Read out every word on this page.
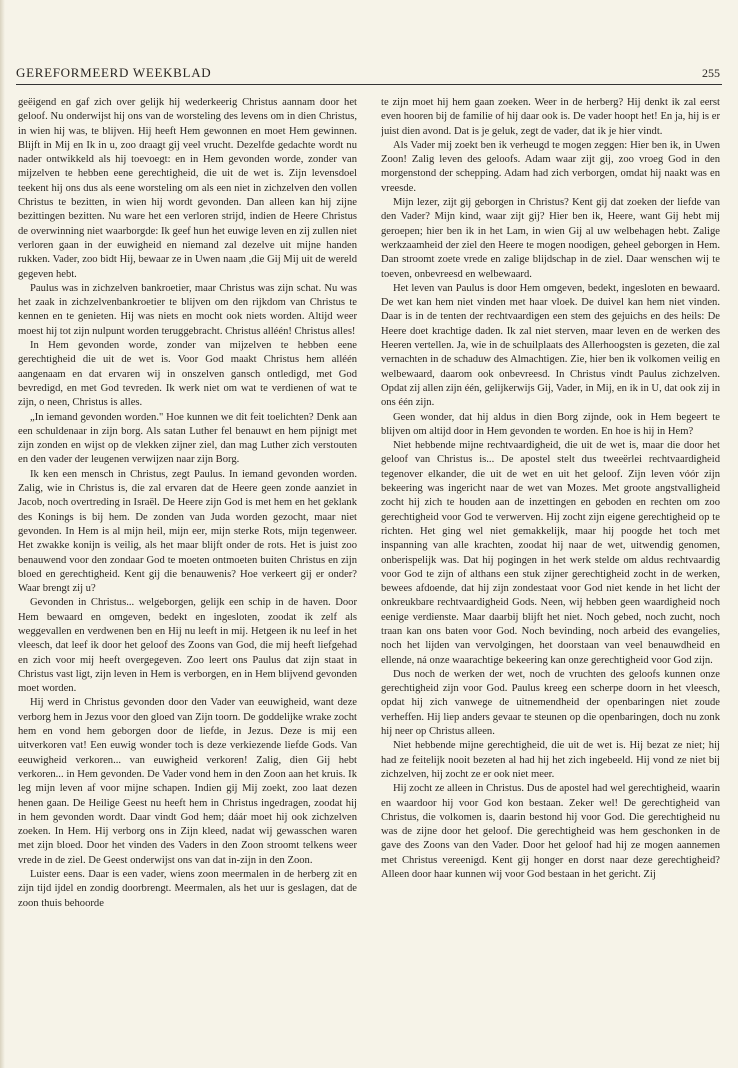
GEREFORMEERD WEEKBLAD	255

geëigend en gaf zich over gelijk hij wederkeerig Christus aannam door het geloof. Nu onderwijst hij ons van de worsteling des levens om in dien Christus, in wien hij was, te blijven. Hij heeft Hem gewonnen en moet Hem gewinnen. Blijft in Mij en Ik in u, zoo draagt gij veel vrucht. Dezelfde gedachte wordt nu nader ontwikkeld als hij toevoegt: en in Hem gevonden worde, zonder van mijzelven te hebben eene gerechtigheid, die uit de wet is. Zijn levensdoel teekent hij ons dus als eene worsteling om als een niet in zichzelven den vollen Christus te bezitten, in wien hij wordt gevonden. Dan alleen kan hij zijne bezittingen bezitten. Nu ware het een verloren strijd, indien de Heere Christus de overwinning niet waarborgde: Ik geef hun het euwige leven en zij zullen niet verloren gaan in der euwigheid en niemand zal dezelve uit mijne handen rukken. Vader, zoo bidt Hij, bewaar ze in Uwen naam ,die Gij Mij uit de wereld gegeven hebt.

Paulus was in zichzelven bankroetier, maar Christus was zijn schat. Nu was het zaak in zichzelvenbankroetier te blijven om den rijkdom van Christus te kennen en te genieten. Hij was niets en mocht ook niets worden. Altijd weer moest hij tot zijn nulpunt worden teruggebracht. Christus alléén! Christus alles!

In Hem gevonden worde, zonder van mijzelven te hebben eene gerechtigheid die uit de wet is. Voor God maakt Christus hem alléén aangenaam en dat ervaren wij in onszelven gansch ontledigd, met God bevredigd, en met God tevreden. Ik werk niet om wat te verdienen of wat te zijn, o neen, Christus is alles.

„In iemand gevonden worden." Hoe kunnen we dit feit toelichten? Denk aan een schuldenaar in zijn borg. Als satan Luther fel benauwt en hem pijnigt met zijn zonden en wijst op de vlekken zijner ziel, dan mag Luther zich verstouten en den vader der leugenen verwijzen naar zijn Borg.

Ik ken een mensch in Christus, zegt Paulus. In iemand gevonden worden. Zalig, wie in Christus is, die zal ervaren dat de Heere geen zonde aanziet in Jacob, noch overtreding in Israël. De Heere zijn God is met hem en het geklank des Konings is bij hem. De zonden van Juda worden gezocht, maar niet gevonden. In Hem is al mijn heil, mijn eer, mijn sterke Rots, mijn tegenweer. Het zwakke konijn is veilig, als het maar blijft onder de rots. Het is juist zoo benauwend voor den zondaar God te moeten ontmoeten buiten Christus en zijn bloed en gerechtigheid. Kent gij die benauwenis? Hoe verkeert gij er onder? Waar brengt zij u?

Gevonden in Christus... welgeborgen, gelijk een schip in de haven. Door Hem bewaard en omgeven, bedekt en ingesloten, zoodat ik zelf als weggevallen en verdwenen ben en Hij nu leeft in mij. Hetgeen ik nu leef in het vleesch, dat leef ik door het geloof des Zoons van God, die mij heeft liefgehad en zich voor mij heeft overgegeven. Zoo leert ons Paulus dat zijn staat in Christus vast ligt, zijn leven in Hem is verborgen, en in Hem blijvend gevonden moet worden.

Hij werd in Christus gevonden door den Vader van eeuwigheid, want deze verborg hem in Jezus voor den gloed van Zijn toorn. De goddelijke wrake zocht hem en vond hem geborgen door de liefde, in Jezus. Deze is mij een uitverkoren vat! Een euwig wonder toch is deze verkiezende liefde Gods. Van eeuwigheid verkoren... van euwigheid verkoren! Zalig, dien Gij hebt verkoren... in Hem gevonden. De Vader vond hem in den Zoon aan het kruis. Ik leg mijn leven af voor mijne schapen. Indien gij Mij zoekt, zoo laat dezen henen gaan. De Heilige Geest nu heeft hem in Christus ingedragen, zoodat hij in hem gevonden wordt. Daar vindt God hem; dáár moet hij ook zichzelven zoeken. In Hem. Hij verborg ons in Zijn kleed, nadat wij gewasschen waren met zijn bloed. Door het vinden des Vaders in den Zoon stroomt telkens weer vrede in de ziel. De Geest onderwijst ons van dat in-zijn in den Zoon.

Luister eens. Daar is een vader, wiens zoon meermalen in de herberg zit en zijn tijd ijdel en zondig doorbrengt. Meermalen, als het uur is geslagen, dat de zoon thuis behoorde

te zijn moet hij hem gaan zoeken. Weer in de herberg? Hij denkt ik zal eerst even hooren bij de familie of hij daar ook is. De vader hoopt het! En ja, hij is er juist dien avond. Dat is je geluk, zegt de vader, dat ik je hier vindt.

Als Vader mij zoekt ben ik verheugd te mogen zeggen: Hier ben ik, in Uwen Zoon! Zalig leven des geloofs. Adam waar zijt gij, zoo vroeg God in den morgenstond der schepping. Adam had zich verborgen, omdat hij naakt was en vreesde.

Mijn lezer, zijt gij geborgen in Christus? Kent gij dat zoeken der liefde van den Vader? Mijn kind, waar zijt gij? Hier ben ik, Heere, want Gij hebt mij geroepen; hier ben ik in het Lam, in wien Gij al uw welbehagen hebt. Zalige werkzaamheid der ziel den Heere te mogen noodigen, geheel geborgen in Hem. Dan stroomt zoete vrede en zalige blijdschap in de ziel. Daar wenschen wij te toeven, onbevreesd en welbewaard.

Het leven van Paulus is door Hem omgeven, bedekt, ingesloten en bewaard. De wet kan hem niet vinden met haar vloek. De duivel kan hem niet vinden. Daar is in de tenten der rechtvaardigen een stem des gejuichs en des heils: De Heere doet krachtige daden. Ik zal niet sterven, maar leven en de werken des Heeren vertellen. Ja, wie in de schuilplaats des Allerhoogsten is gezeten, die zal vernachten in de schaduw des Almachtigen. Zie, hier ben ik volkomen veilig en welbewaard, daarom ook onbevreesd. In Christus vindt Paulus zichzelven. Opdat zij allen zijn één, gelijkerwijs Gij, Vader, in Mij, en ik in U, dat ook zij in ons één zijn.

Geen wonder, dat hij aldus in dien Borg zijnde, ook in Hem begeert te blijven om altijd door in Hem gevonden te worden. En hoe is hij in Hem?

Niet hebbende mijne rechtvaardigheid, die uit de wet is, maar die door het geloof van Christus is... De apostel stelt dus tweeërlei rechtvaardigheid tegenover elkander, die uit de wet en uit het geloof. Zijn leven vóór zijn bekeering was ingericht naar de wet van Mozes. Met groote angstvalligheid zocht hij zich te houden aan de inzettingen en geboden en rechten om zoo gerechtigheid voor God te verwerven. Hij zocht zijn eigene gerechtigheid op te richten. Het ging wel niet gemakkelijk, maar hij poogde het toch met inspanning van alle krachten, zoodat hij naar de wet, uitwendig genomen, onberispelijk was. Dat hij pogingen in het werk stelde om aldus rechtvaardig voor God te zijn of althans een stuk zijner gerechtigheid zocht in de werken, bewees afdoende, dat hij zijn zondestaat voor God niet kende in het licht der onkreukbare rechtvaardigheid Gods. Neen, wij hebben geen waardigheid noch eenige verdienste. Maar daarbij blijft het niet. Noch gebed, noch zucht, noch traan kan ons baten voor God. Noch bevinding, noch arbeid des evangelies, noch het lijden van vervolgingen, het doorstaan van veel benauwdheid en ellende, ná onze waarachtige bekeering kan onze gerechtigheid voor God zijn.

Dus noch de werken der wet, noch de vruchten des geloofs kunnen onze gerechtigheid zijn voor God. Paulus kreeg een scherpe doorn in het vleesch, opdat hij zich vanwege de uitnemendheid der openbaringen niet zoude verheffen. Hij liep anders gevaar te steunen op die openbaringen, doch nu zonk hij neer op Christus alleen.

Niet hebbende mijne gerechtigheid, die uit de wet is. Hij bezat ze niet; hij had ze feitelijk nooit bezeten al had hij het zich ingebeeld. Hij vond ze niet bij zichzelven, hij zocht ze er ook niet meer.

Hij zocht ze alleen in Christus. Dus de apostel had wel gerechtigheid, waarin en waardoor hij voor God kon bestaan. Zeker wel! De gerechtigheid van Christus, die volkomen is, daarin bestond hij voor God. Die gerechtigheid nu was de zijne door het geloof. Die gerechtigheid was hem geschonken in de gave des Zoons van den Vader. Door het geloof had hij ze mogen aannemen met Christus vereenigd. Kent gij honger en dorst naar deze gerechtigheid? Alleen door haar kunnen wij voor God bestaan in het gericht. Zij
